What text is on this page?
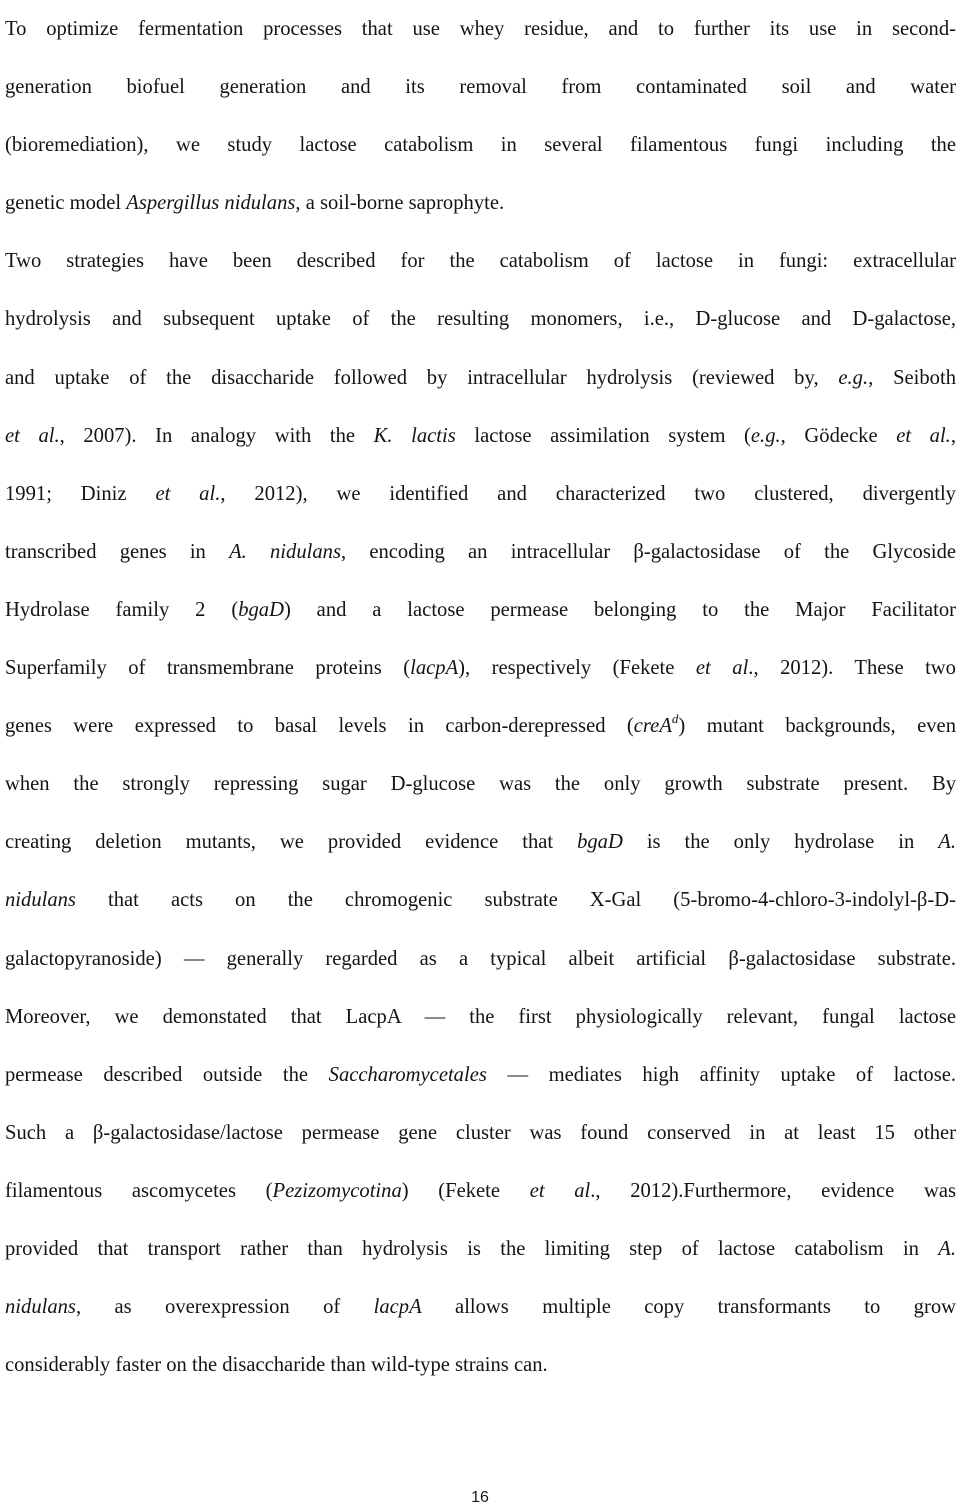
To optimize fermentation processes that use whey residue, and to further its use in second-
generation biofuel generation and its removal from contaminated soil and water
(bioremediation), we study lactose catabolism in several filamentous fungi including the
genetic model Aspergillus nidulans, a soil-borne saprophyte.
Two strategies have been described for the catabolism of lactose in fungi: extracellular
hydrolysis and subsequent uptake of the resulting monomers, i.e., D-glucose and D-galactose,
and uptake of the disaccharide followed by intracellular hydrolysis (reviewed by, e.g., Seiboth
et al., 2007). In analogy with the K. lactis lactose assimilation system (e.g., Gödecke et al.,
1991; Diniz et al., 2012), we identified and characterized two clustered, divergently
transcribed genes in A. nidulans, encoding an intracellular β-galactosidase of the Glycoside
Hydrolase family 2 (bgaD) and a lactose permease belonging to the Major Facilitator
Superfamily of transmembrane proteins (lacpA), respectively (Fekete et al., 2012). These two
genes were expressed to basal levels in carbon-derepressed (creA$^d$) mutant backgrounds, even
when the strongly repressing sugar D-glucose was the only growth substrate present. By
creating deletion mutants, we provided evidence that bgaD is the only hydrolase in A.
nidulans that acts on the chromogenic substrate X-Gal (5-bromo-4-chloro-3-indolyl-β-D-
galactopyranoside) — generally regarded as a typical albeit artificial β-galactosidase substrate.
Moreover, we demonstated that LacpA — the first physiologically relevant, fungal lactose
permease described outside the Saccharomycetales — mediates high affinity uptake of lactose.
Such a β-galactosidase/lactose permease gene cluster was found conserved in at least 15 other
filamentous ascomycetes (Pezizomycotina) (Fekete et al., 2012).Furthermore, evidence was
provided that transport rather than hydrolysis is the limiting step of lactose catabolism in A.
nidulans, as overexpression of lacpA allows multiple copy transformants to grow
considerably faster on the disaccharide than wild-type strains can.
16
